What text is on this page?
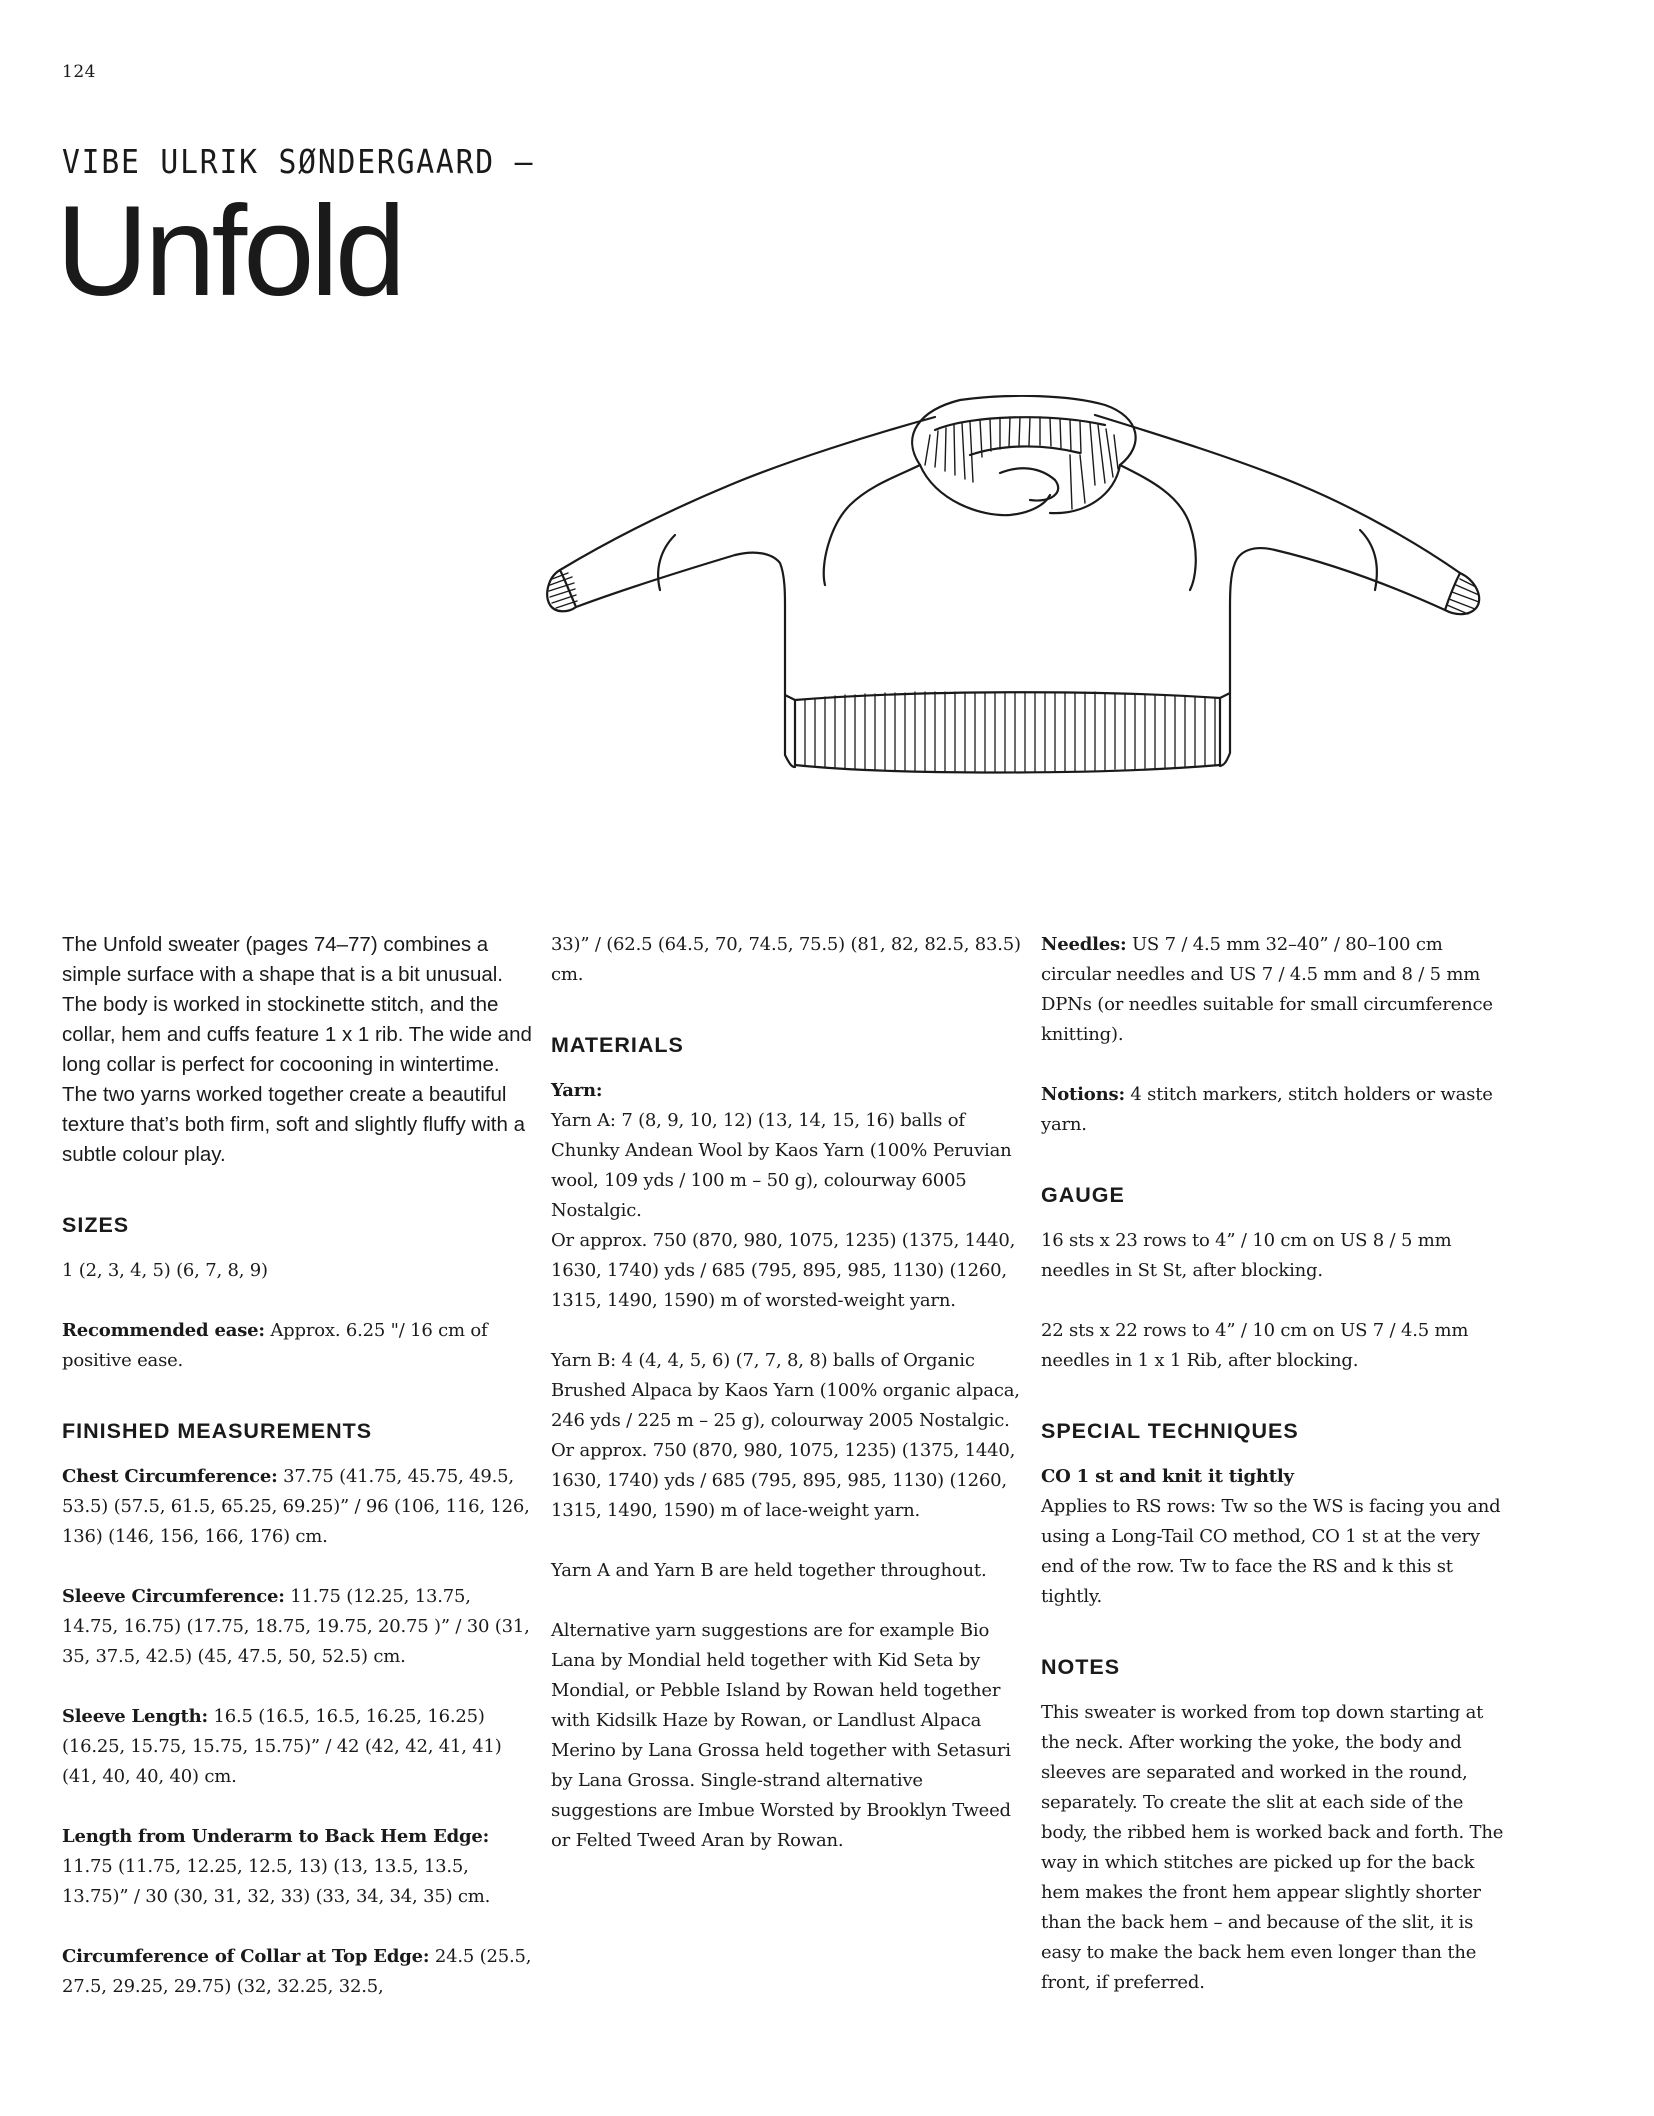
124
VIBE ULRIK SØNDERGAARD —
Unfold

The Unfold sweater (pages 74–77) combines a simple surface with a shape that is a bit unusual. The body is worked in stockinette stitch, and the collar, hem and cuffs feature 1 x 1 rib. The wide and long collar is perfect for cocooning in wintertime. The two yarns worked together create a beautiful texture that’s both firm, soft and slightly fluffy with a subtle colour play.

SIZES

1 (2, 3, 4, 5) (6, 7, 8, 9)

Recommended ease: Approx. 6.25 "/ 16 cm of positive ease.

FINISHED MEASUREMENTS

Chest Circumference: 37.75 (41.75, 45.75, 49.5, 53.5) (57.5, 61.5, 65.25, 69.25)” / 96 (106, 116, 126, 136) (146, 156, 166, 176) cm.

Sleeve Circumference: 11.75 (12.25, 13.75, 14.75, 16.75) (17.75, 18.75, 19.75, 20.75 )” / 30 (31, 35, 37.5, 42.5) (45, 47.5, 50, 52.5) cm.

Sleeve Length: 16.5 (16.5, 16.5, 16.25, 16.25) (16.25, 15.75, 15.75, 15.75)” / 42 (42, 42, 41, 41) (41, 40, 40, 40) cm.

Length from Underarm to Back Hem Edge: 11.75 (11.75, 12.25, 12.5, 13) (13, 13.5, 13.5, 13.75)” / 30 (30, 31, 32, 33) (33, 34, 34, 35) cm.

Circumference of Collar at Top Edge: 24.5 (25.5, 27.5, 29.25, 29.75) (32, 32.25, 32.5,

33)” / (62.5 (64.5, 70, 74.5, 75.5) (81, 82, 82.5, 83.5) cm.

MATERIALS

Yarn:

Yarn A: 7 (8, 9, 10, 12) (13, 14, 15, 16) balls of Chunky Andean Wool by Kaos Yarn (100% Peruvian wool, 109 yds / 100 m – 50 g), colourway 6005 Nostalgic.

Or approx. 750 (870, 980, 1075, 1235) (1375, 1440, 1630, 1740) yds / 685 (795, 895, 985, 1130) (1260, 1315, 1490, 1590) m of worsted-weight yarn.

Yarn B: 4 (4, 4, 5, 6) (7, 7, 8, 8) balls of Organic Brushed Alpaca by Kaos Yarn (100% organic alpaca, 246 yds / 225 m – 25 g), colourway 2005 Nostalgic.

Or approx. 750 (870, 980, 1075, 1235) (1375, 1440, 1630, 1740) yds / 685 (795, 895, 985, 1130) (1260, 1315, 1490, 1590) m of lace-weight yarn.

Yarn A and Yarn B are held together throughout.

Alternative yarn suggestions are for example Bio Lana by Mondial held together with Kid Seta by Mondial, or Pebble Island by Rowan held together with Kidsilk Haze by Rowan, or Landlust Alpaca Merino by Lana Grossa held together with Setasuri by Lana Grossa. Single-strand alternative suggestions are Imbue Worsted by Brooklyn Tweed or Felted Tweed Aran by Rowan.

Needles: US 7 / 4.5 mm 32–40” / 80–100 cm circular needles and US 7 / 4.5 mm and 8 / 5 mm DPNs (or needles suitable for small circumference knitting).

Notions: 4 stitch markers, stitch holders or waste yarn.

GAUGE

16 sts x 23 rows to 4” / 10 cm on US 8 / 5 mm needles in St St, after blocking.

22 sts x 22 rows to 4” / 10 cm on US 7 / 4.5 mm needles in 1 x 1 Rib, after blocking.

SPECIAL TECHNIQUES

CO 1 st and knit it tightly

Applies to RS rows: Tw so the WS is facing you and using a Long-Tail CO method, CO 1 st at the very end of the row. Tw to face the RS and k this st tightly.

NOTES

This sweater is worked from top down starting at the neck. After working the yoke, the body and sleeves are separated and worked in the round, separately. To create the slit at each side of the body, the ribbed hem is worked back and forth. The way in which stitches are picked up for the back hem makes the front hem appear slightly shorter than the back hem – and because of the slit, it is easy to make the back hem even longer than the front, if preferred.
